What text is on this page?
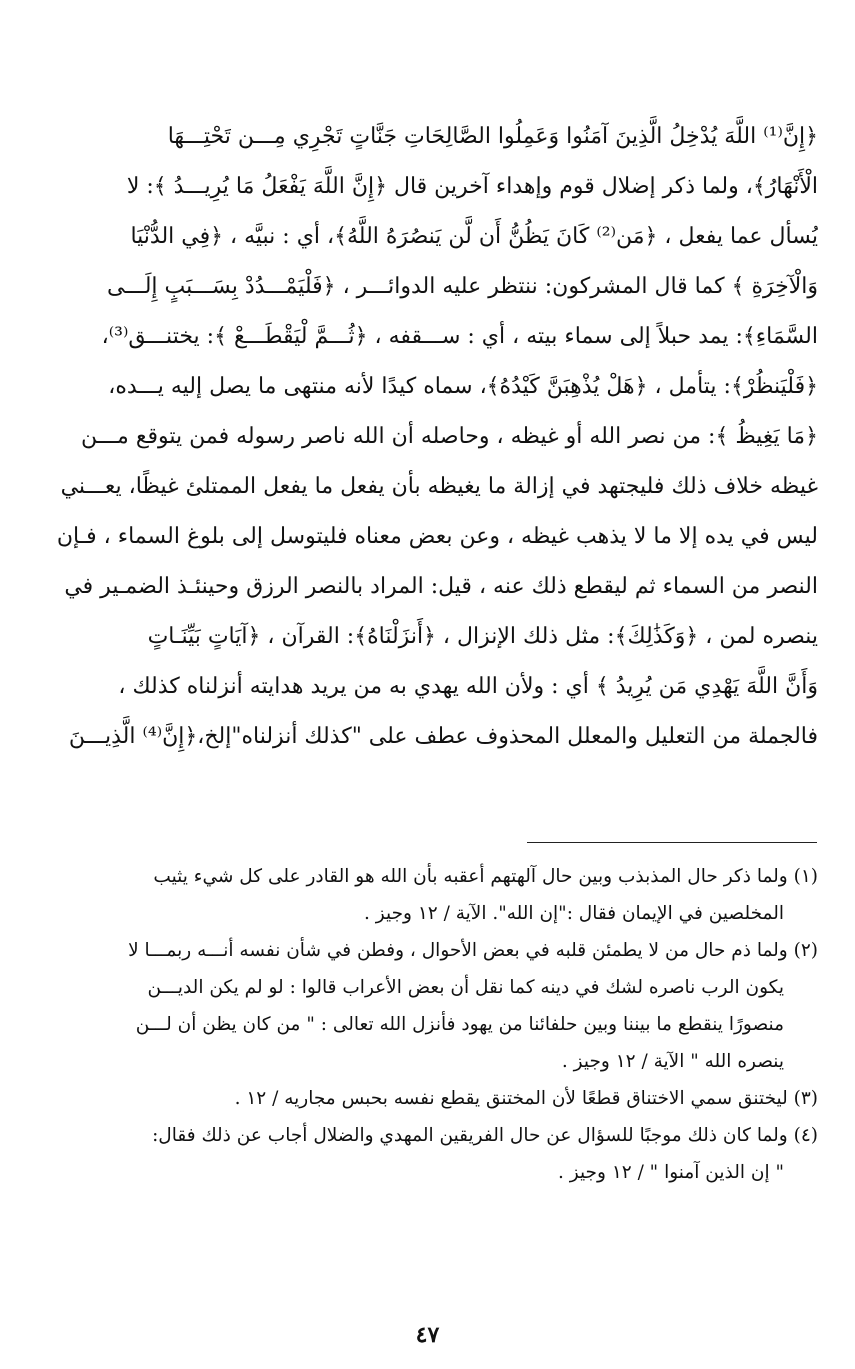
﴿إِنَّ⁽¹⁾ اللَّهَ يُدْخِلُ الَّذِينَ آمَنُوا وَعَمِلُوا الصَّالِحَاتِ جَنَّاتٍ تَجْرِي مِـــن تَحْتِـــهَا
الْأَنْهَارُ﴾، ولما ذكر إضلال قوم وإهداء آخرين قال ﴿إِنَّ اللَّهَ يَفْعَلُ مَا يُرِيـــدُ ﴾: لا
يُسأل عما يفعل ، ﴿مَن⁽²⁾ كَانَ يَظُنُّ أَن لَّن يَنصُرَهُ اللَّهُ﴾، أي : نبيَّه ، ﴿فِي الدُّنْيَا
وَالْآخِرَةِ ﴾ كما قال المشركون: ننتظر عليه الدوائـــر ، ﴿فَلْيَمْـــدُدْ بِسَـــبَبٍ إِلَـــى
السَّمَاءِ﴾: يمد حبلاً إلى سماء بيته ، أي : ســـقفه ، ﴿ثُـــمَّ لْيَقْطَـــعْ ﴾: يختنـــق⁽³⁾،
﴿فَلْيَنظُرْ﴾: يتأمل ، ﴿هَلْ يُذْهِبَنَّ كَيْدُهُ﴾، سماه كيدًا لأنه منتهى ما يصل إليه يـــده،
﴿مَا يَغِيظُ ﴾: من نصر الله أو غيظه ، وحاصله أن الله ناصر رسوله فمن يتوقع مـــن
غيظه خلاف ذلك فليجتهد في إزالة ما يغيظه بأن يفعل ما يفعل الممتلئ غيظًا، يعـــني
ليس في يده إلا ما لا يذهب غيظه ، وعن بعض معناه فليتوسل إلى بلوغ السماء ، فـإن
النصر من السماء ثم ليقطع ذلك عنه ، قيل: المراد بالنصر الرزق وحينئـذ الضمـير في
ينصره لمن ، ﴿وَكَذَٰلِكَ﴾: مثل ذلك الإنزال ، ﴿أَنزَلْنَاهُ﴾: القرآن ، ﴿آيَاتٍ بَيِّنَـاتٍ
وَأَنَّ اللَّهَ يَهْدِي مَن يُرِيدُ ﴾ أي : ولأن الله يهدي به من يريد هدايته أنزلناه كذلك ،
فالجملة من التعليل والمعلل المحذوف عطف على "كذلك أنزلناه"إلخ،﴿إِنَّ⁽⁴⁾ الَّذِيـــنَ
(١) ولما ذكر حال المذبذب وبين حال آلهتهم أعقبه بأن الله هو القادر على كل شيء يثيب
المخلصين في الإيمان فقال :"إن الله". الآية / ١٢ وجيز .
(٢) ولما ذم حال من لا يطمئن قلبه في بعض الأحوال ، وفطن في شأن نفسه أنـــه ربمـــا لا
يكون الرب ناصره لشك في دينه كما نقل أن بعض الأعراب قالوا : لو لم يكن الديـــن
منصورًا ينقطع ما بيننا وبين حلفائنا من يهود فأنزل الله تعالى : " من كان يظن أن لـــن
ينصره الله " الآية / ١٢ وجيز .
(٣) ليختنق سمي الاختناق قطعًا لأن المختنق يقطع نفسه بحبس مجاريه / ١٢ .
(٤) ولما كان ذلك موجبًا للسؤال عن حال الفريقين المهدي والضلال أجاب عن ذلك فقال:
" إن الذين آمنوا " / ١٢ وجيز .
٤٧
